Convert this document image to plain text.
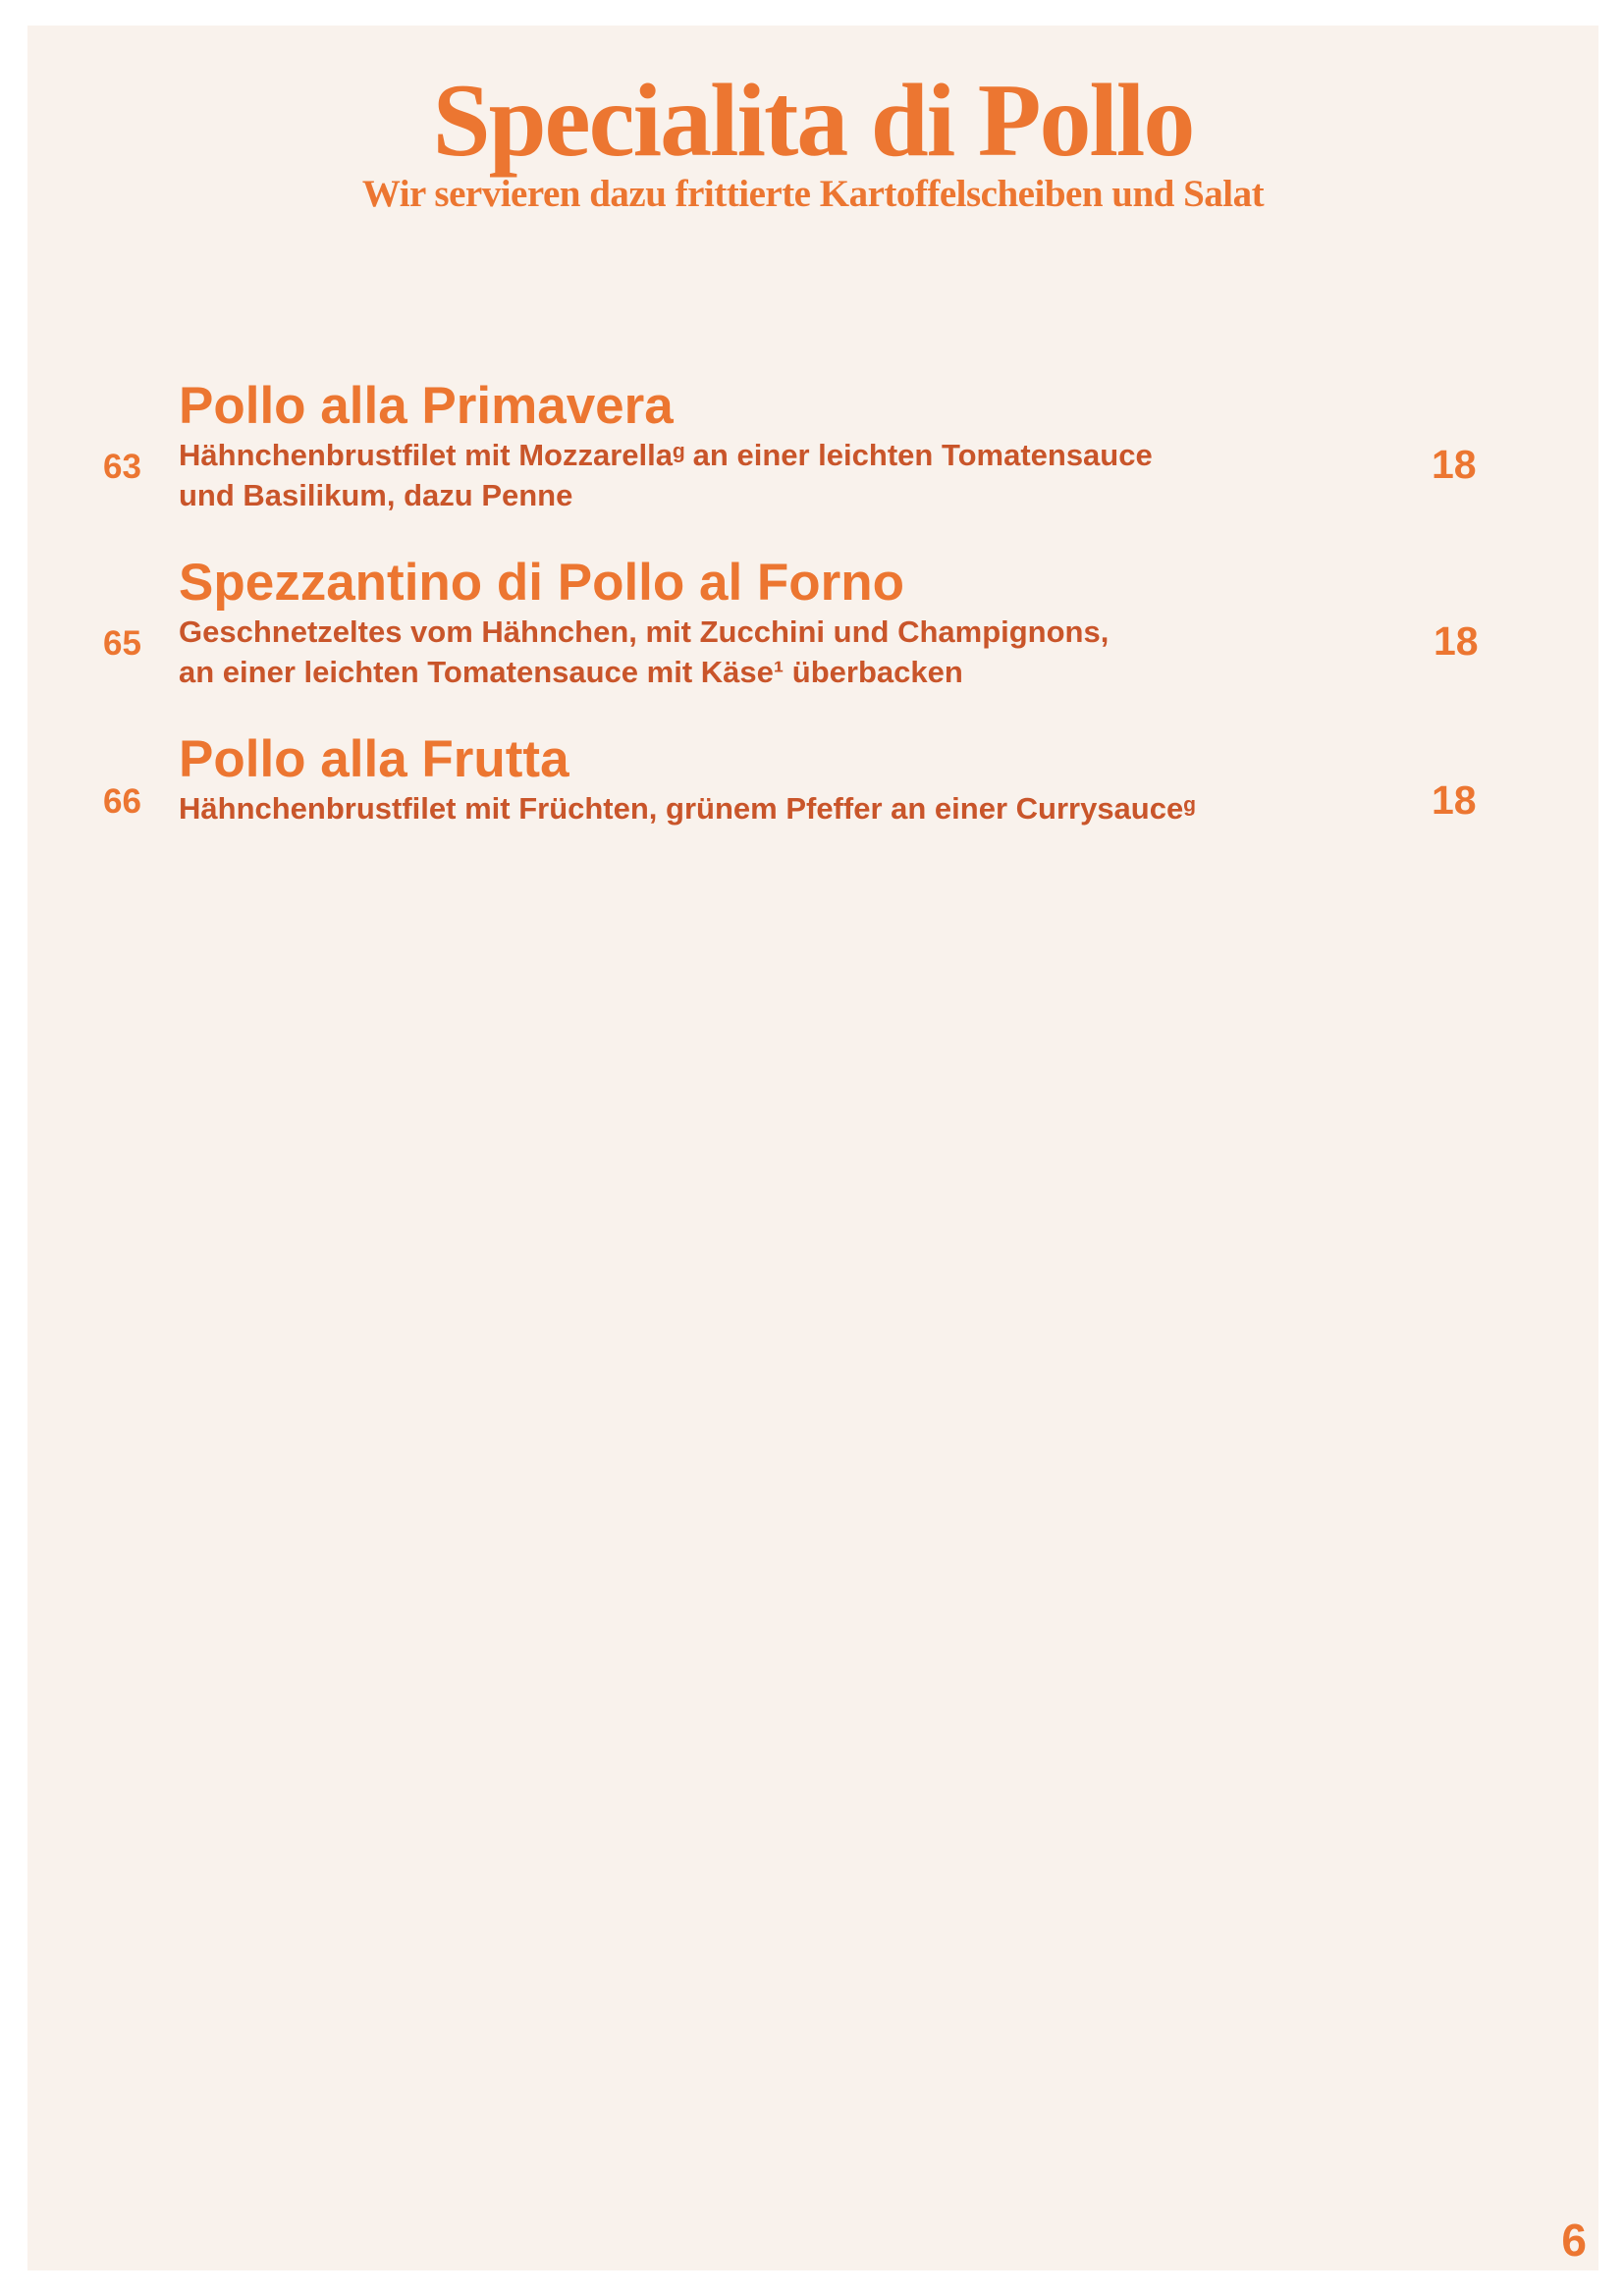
Specialita di Pollo

Wir servieren dazu frittierte Kartoffelscheiben und Salat

63
Pollo alla Primavera
Hähnchenbrustfilet mit Mozzarellaᵍ an einer leichten Tomatensauce
und Basilikum, dazu Penne
18
65
Spezzantino di Pollo al Forno
Geschnetzeltes vom Hähnchen, mit Zucchini und Champignons,
an einer leichten Tomatensauce mit Käse¹ überbacken
18
66
Pollo alla Frutta
Hähnchenbrustfilet mit Früchten, grünem Pfeffer an einer Currysauceᵍ	18
6
